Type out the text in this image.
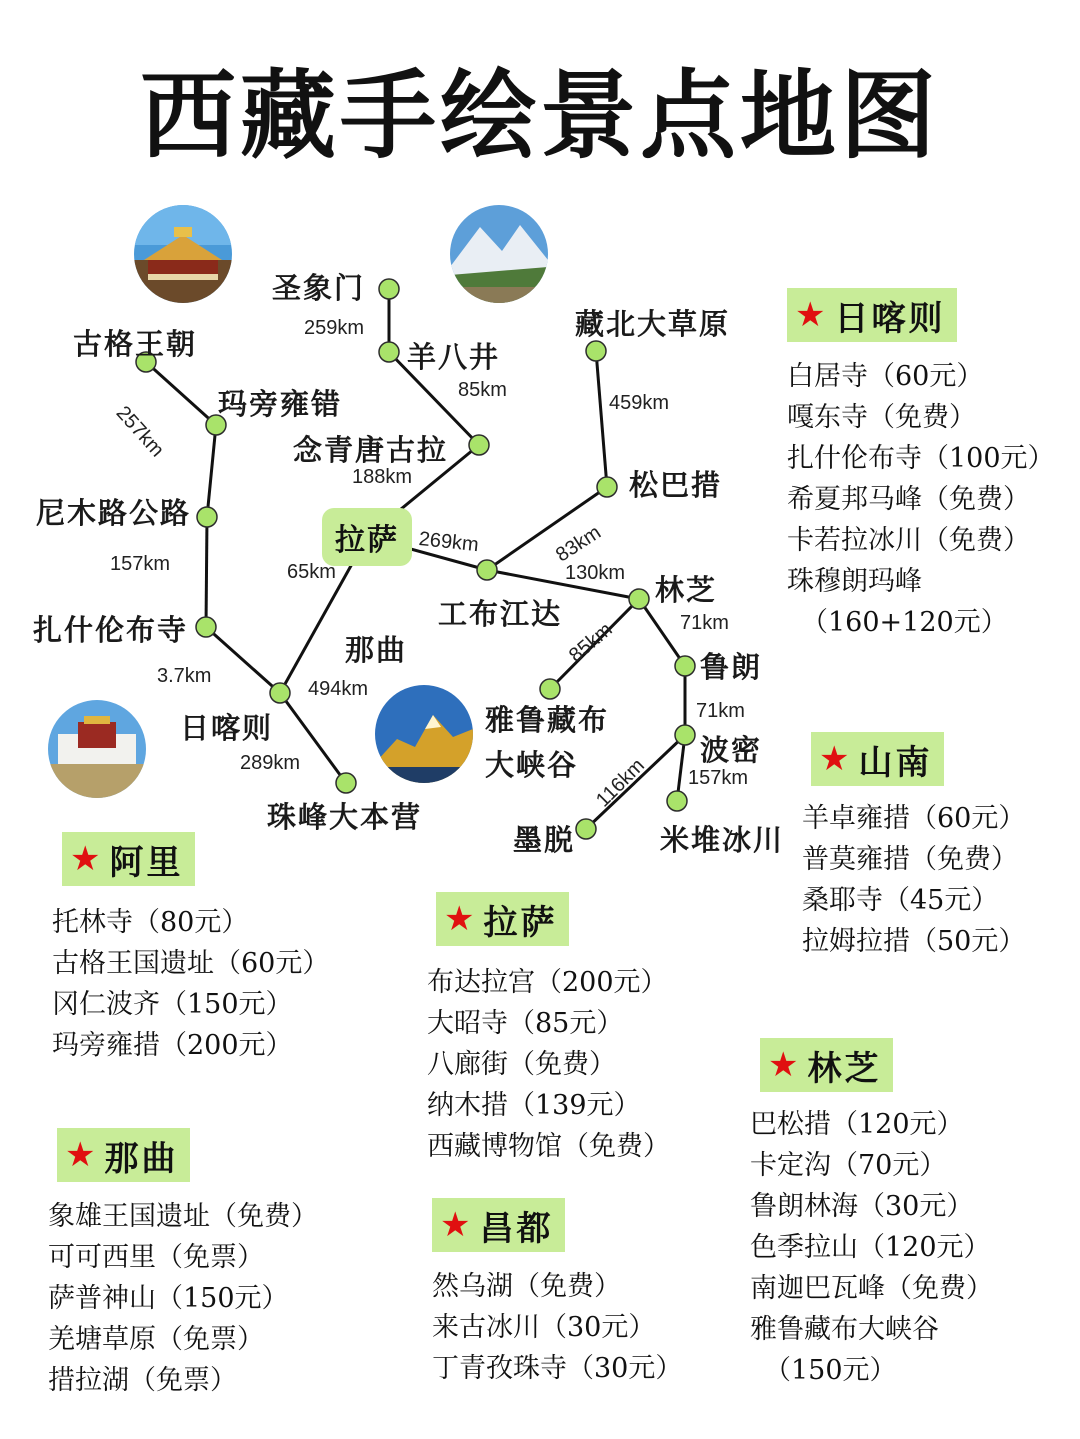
西藏手绘景点地图
拉萨
古格王朝
圣象门
羊八井
藏北大草原
玛旁雍错
念青唐古拉
尼木路公路
松巴措
工布江达
林芝
扎什伦布寺
那曲	鲁朗
日喀则	雅鲁藏布
大峡谷	波密
珠峰大本营
墨脱	米堆冰川
259km
85km
188km
459km
257km
157km
3.7km
65km
269km	83km
130km
85km	71km
494km
71km
116km 157km
289km
★ 日喀则
白居寺（60元）
嘎东寺（免费）
扎什伦布寺（100元）
希夏邦马峰（免费）
卡若拉冰川（免费）
珠穆朗玛峰
（160+120元）
★ 山南
羊卓雍措（60元）
普莫雍措（免费）
桑耶寺（45元）
拉姆拉措（50元）
★ 阿里
托林寺（80元）
古格王国遗址（60元）
冈仁波齐（150元）
玛旁雍措（200元）
★ 拉萨
布达拉宫（200元）
大昭寺（85元）
八廊街（免费）
纳木措（139元）
西藏博物馆（免费）
★ 林芝
巴松措（120元）
卡定沟（70元）
鲁朗林海（30元）
色季拉山（120元）
南迦巴瓦峰（免费）
雅鲁藏布大峡谷
（150元）
★ 那曲
象雄王国遗址（免费）
可可西里（免票）
萨普神山（150元）
羌塘草原（免票）
措拉湖（免票）
★ 昌都
然乌湖（免费）
来古冰川（30元）
丁青孜珠寺（30元）
